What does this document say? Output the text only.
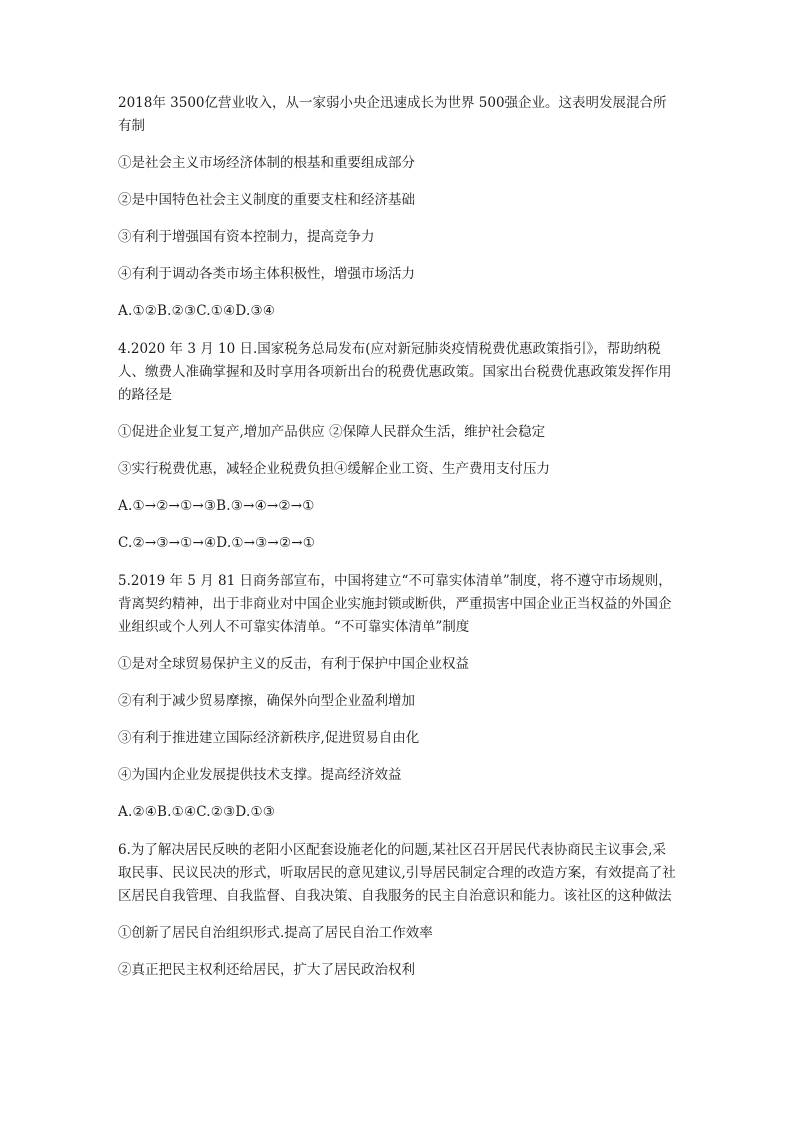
2018年 3500亿营业收入，从一家弱小央企迅速成长为世界 500强企业。这表明发展混合所有制

①是社会主义市场经济体制的根基和重要组成部分

②是中国特色社会主义制度的重要支柱和经济基础

③有利于增强国有资本控制力，提高竞争力

④有利于调动各类市场主体积极性，增强市场活力

A.①②B.②③C.①④D.③④

4.2020 年 3 月 10 日.国家税务总局发布(应对新冠肺炎疫情税费优惠政策指引》，帮助纳税人、缴费人准确掌握和及时享用各项新出台的税费优惠政策。国家出台税费优惠政策发挥作用的路径是

①促进企业复工复产,增加产品供应 ②保障人民群众生活，维护社会稳定

③实行税费优惠，减轻企业税费负担④缓解企业工资、生产费用支付压力

A.①→②→①→③B.③→④→②→①

C.②→③→①→④D.①→③→②→①

5.2019 年 5 月 81 日商务部宣布，中国将建立“不可靠实体清单”制度，将不遵守市场规则，背离契约精神，出于非商业对中国企业实施封锁或断供，严重损害中国企业正当权益的外国企业组织或个人列人不可靠实体清单。“不可靠实体清单”制度

①是对全球贸易保护主义的反击，有利于保护中国企业权益

②有利于减少贸易摩擦，确保外向型企业盈利增加

③有利于推进建立国际经济新秩序,促进贸易自由化

④为国内企业发展提供技术支撑。提高经济效益

A.②④B.①④C.②③D.①③

6.为了解决居民反映的老阳小区配套设施老化的问题,某社区召开居民代表协商民主议事会,采取民事、民议民决的形式，听取居民的意见建议,引导居民制定合理的改造方案，有效提高了社区居民自我管理、自我监督、自我决策、自我服务的民主自治意识和能力。该社区的这种做法

①创新了居民自治组织形式.提高了居民自治工作效率

②真正把民主权利还给居民，扩大了居民政治权利
